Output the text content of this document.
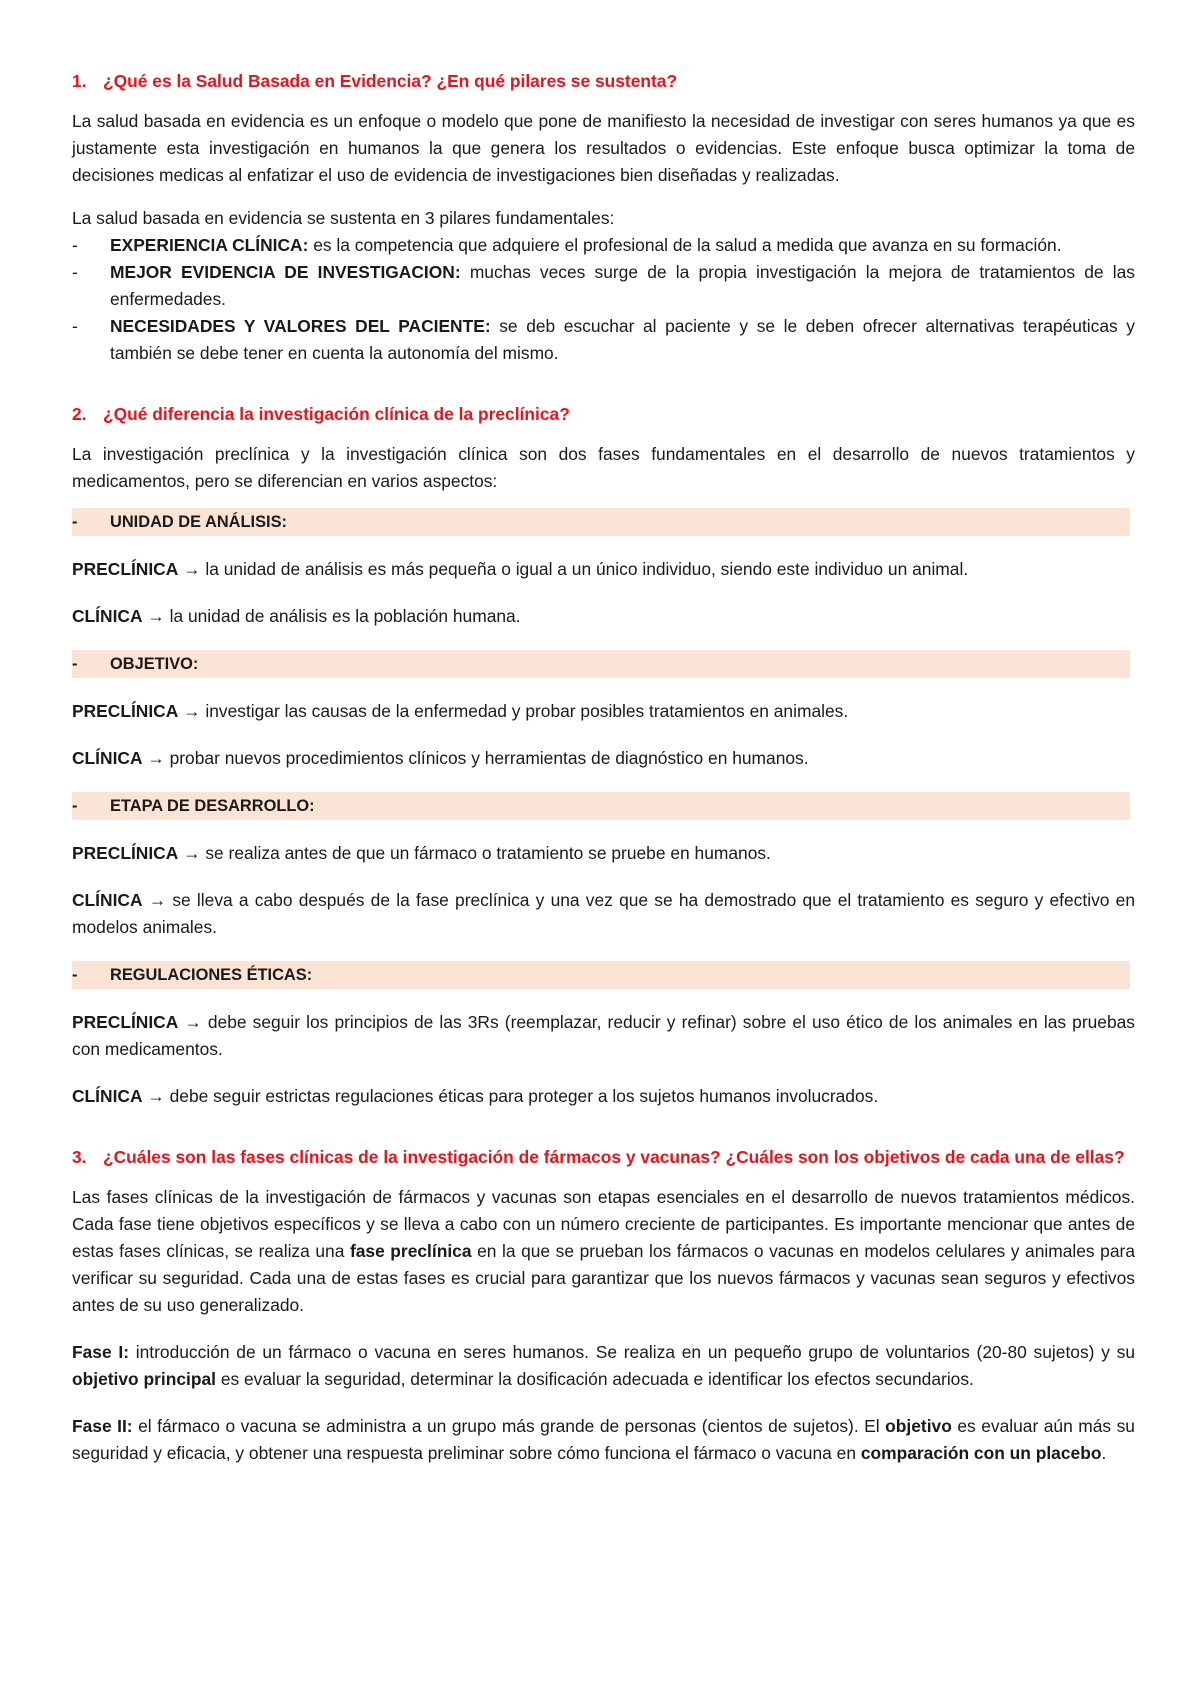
1. ¿Qué es la Salud Basada en Evidencia? ¿En qué pilares se sustenta?

La salud basada en evidencia es un enfoque o modelo que pone de manifiesto la necesidad de investigar con seres humanos ya que es justamente esta investigación en humanos la que genera los resultados o evidencias. Este enfoque busca optimizar la toma de decisiones medicas al enfatizar el uso de evidencia de investigaciones bien diseñadas y realizadas.

La salud basada en evidencia se sustenta en 3 pilares fundamentales:

-	EXPERIENCIA CLÍNICA: es la competencia que adquiere el profesional de la salud a medida que avanza en su formación.
-	MEJOR EVIDENCIA DE INVESTIGACION: muchas veces surge de la propia investigación la mejora de tratamientos de las enfermedades.
-	NECESIDADES Y VALORES DEL PACIENTE: se deb escuchar al paciente y se le deben ofrecer alternativas terapéuticas y también se debe tener en cuenta la autonomía del mismo.
2. ¿Qué diferencia la investigación clínica de la preclínica?

La investigación preclínica y la investigación clínica son dos fases fundamentales en el desarrollo de nuevos tratamientos y medicamentos, pero se diferencian en varios aspectos:

-	UNIDAD DE ANÁLISIS:

PRECLÍNICA → la unidad de análisis es más pequeña o igual a un único individuo, siendo este individuo un animal.

CLÍNICA → la unidad de análisis es la población humana.

-	OBJETIVO:

PRECLÍNICA → investigar las causas de la enfermedad y probar posibles tratamientos en animales.

CLÍNICA → probar nuevos procedimientos clínicos y herramientas de diagnóstico en humanos.

-	ETAPA DE DESARROLLO:

PRECLÍNICA → se realiza antes de que un fármaco o tratamiento se pruebe en humanos.

CLÍNICA → se lleva a cabo después de la fase preclínica y una vez que se ha demostrado que el tratamiento es seguro y efectivo en modelos animales.

-	REGULACIONES ÉTICAS:

PRECLÍNICA → debe seguir los principios de las 3Rs (reemplazar, reducir y refinar) sobre el uso ético de los animales en las pruebas con medicamentos.

CLÍNICA → debe seguir estrictas regulaciones éticas para proteger a los sujetos humanos involucrados.

3. ¿Cuáles son las fases clínicas de la investigación de fármacos y vacunas? ¿Cuáles son los objetivos de cada una de ellas?

Las fases clínicas de la investigación de fármacos y vacunas son etapas esenciales en el desarrollo de nuevos tratamientos médicos. Cada fase tiene objetivos específicos y se lleva a cabo con un número creciente de participantes. Es importante mencionar que antes de estas fases clínicas, se realiza una fase preclínica en la que se prueban los fármacos o vacunas en modelos celulares y animales para verificar su seguridad. Cada una de estas fases es crucial para garantizar que los nuevos fármacos y vacunas sean seguros y efectivos antes de su uso generalizado.

Fase I: introducción de un fármaco o vacuna en seres humanos. Se realiza en un pequeño grupo de voluntarios (20-80 sujetos) y su objetivo principal es evaluar la seguridad, determinar la dosificación adecuada e identificar los efectos secundarios.

Fase II: el fármaco o vacuna se administra a un grupo más grande de personas (cientos de sujetos). El objetivo es evaluar aún más su seguridad y eficacia, y obtener una respuesta preliminar sobre cómo funciona el fármaco o vacuna en comparación con un placebo.
